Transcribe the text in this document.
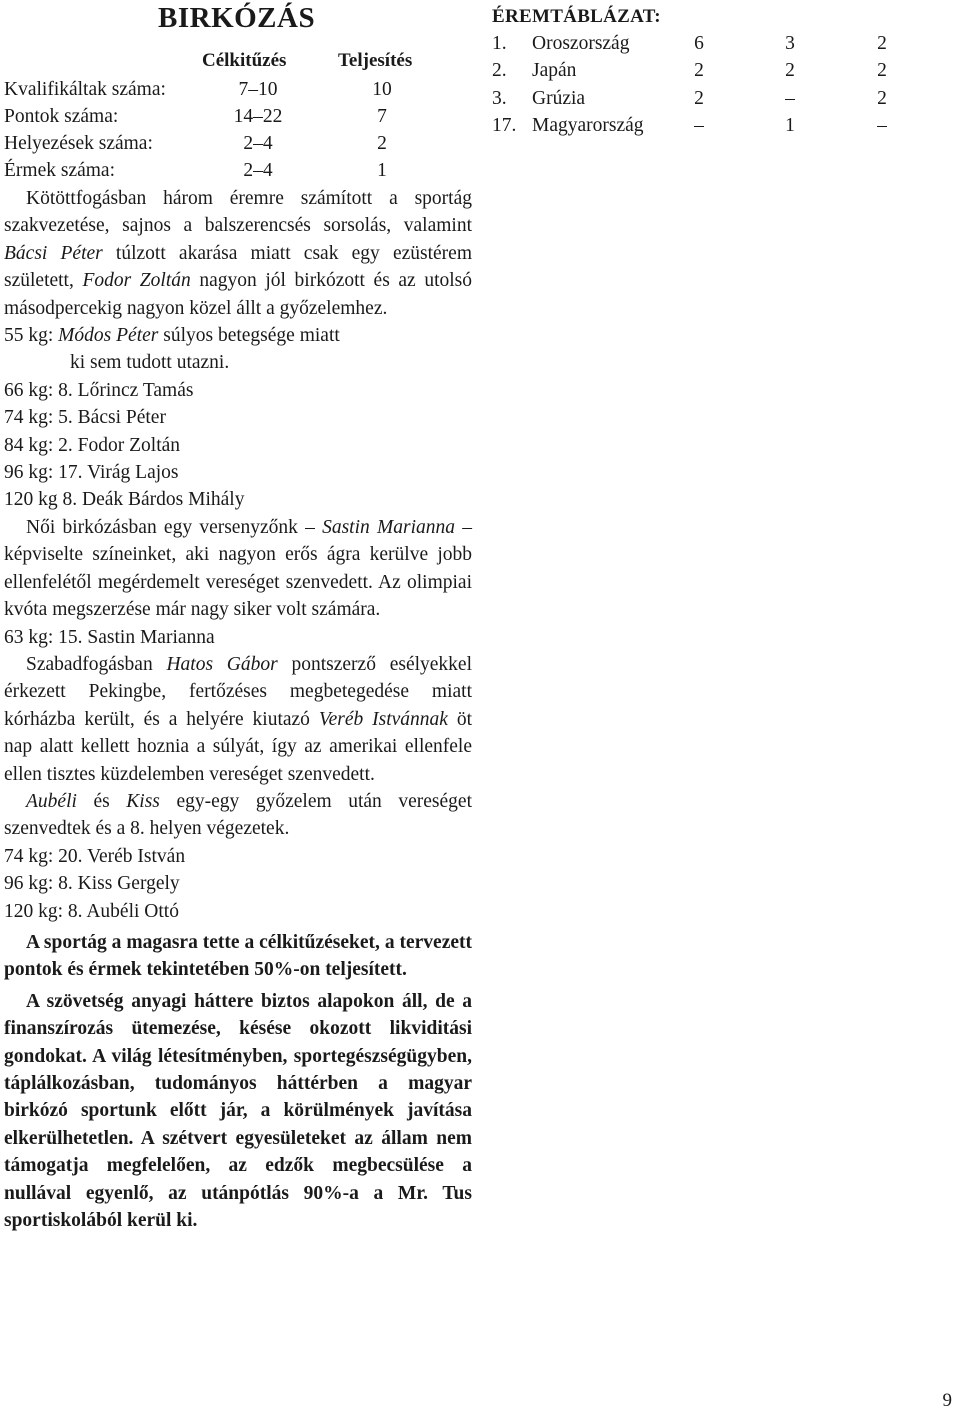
BIRKÓZÁS
Célkitűzés	Teljesítés
Kvalifikáltak száma:	7–10	10
Pontok száma:	14–22	7
Helyezések száma:	2–4	2
Érmek száma:	2–4	1

Kötöttfogásban három éremre számított a sportág szakvezetése, sajnos a balszerencsés sorsolás, valamint Bácsi Péter túlzott akarása miatt csak egy ezüstérem született, Fodor Zoltán nagyon jól birkózott és az utolsó másodpercekig nagyon közel állt a győzelemhez.

55 kg: Módos Péter súlyos betegsége miatt

ki sem tudott utazni.

66 kg: 8. Lőrincz Tamás

74 kg: 5. Bácsi Péter

84 kg: 2. Fodor Zoltán

96 kg: 17. Virág Lajos

120 kg 8. Deák Bárdos Mihály

Női birkózásban egy versenyzőnk – Sastin Marianna – képviselte színeinket, aki nagyon erős ágra kerülve jobb ellenfelétől megérdemelt vereséget szenvedett. Az olimpiai kvóta megszerzése már nagy siker volt számára.

63 kg: 15. Sastin Marianna

Szabadfogásban Hatos Gábor pontszerző esélyekkel érkezett Pekingbe, fertőzéses megbetegedése miatt kórházba került, és a helyére kiutazó Veréb Istvánnak öt nap alatt kellett hoznia a súlyát, így az amerikai ellenfele ellen tisztes küzdelemben vereséget szenvedett.

Aubéli és Kiss egy-egy győzelem után vereséget szenvedtek és a 8. helyen végezetek.

74 kg: 20. Veréb István

96 kg: 8. Kiss Gergely

120 kg: 8. Aubéli Ottó

A sportág a magasra tette a célkitűzéseket, a tervezett pontok és érmek tekintetében 50%-on teljesített.

A szövetség anyagi háttere biztos alapokon áll, de a finanszírozás ütemezése, késése okozott likviditási gondokat. A világ létesítményben, sportegészségügyben, táplálkozásban, tudományos háttérben a magyar birkózó sportunk előtt jár, a körülmények javítása elkerülhetetlen. A szétvert egyesületeket az állam nem támogatja megfelelően, az edzők megbecsülése a nullával egyenlő, az utánpótlás 90%-a a Mr. Tus sportiskolából kerül ki.

ÉREMTÁBLÁZAT:

1. Oroszország	6	3	2
2. Japán	2	2	2
3. Grúzia	2	–	2
17. Magyarország	–	1	–
9
